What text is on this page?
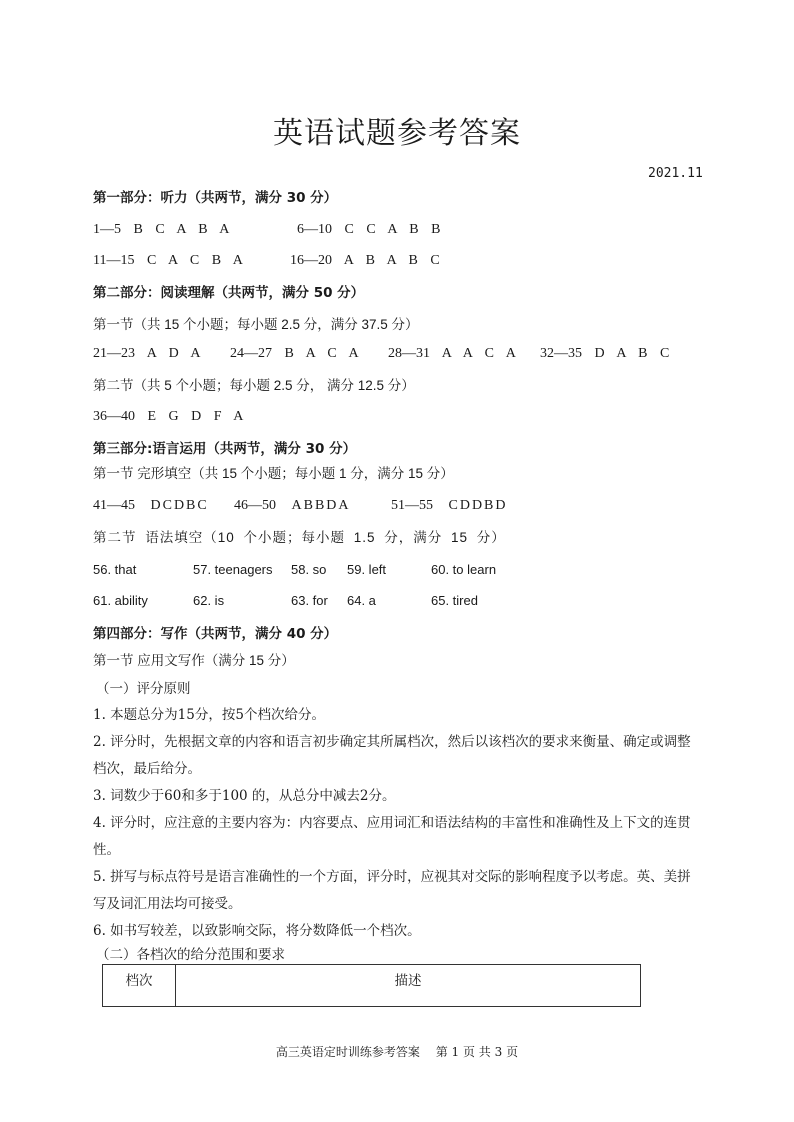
英语试题参考答案
2021.11
第一部分：听力（共两节，满分 30 分）
1—5 B C A B A	6—10 C C A B B
11—15 C A C B A	16—20 A B A B C
第二部分：阅读理解（共两节，满分 50 分）
第一节（共 15 个小题；每小题 2.5 分，满分 37.5 分）
21—23 A D A 24—27 B A C A 28—31 A A C A 32—35 D A B C
第二节（共 5 个小题；每小题 2.5 分， 满分 12.5 分）
36—40 E G D F A
第三部分:语言运用（共两节，满分 30 分）
第一节 完形填空（共 15 个小题；每小题 1 分，满分 15 分）
41—45 DCDBC 46—50 ABBDA	51—55 CDDBD
第二节 语法填空（10 个小题；每小题 1.5 分，满分 15 分）
56. that	57. teenagers 58. so 59. left	60. to learn
61. ability	62. is	63. for 64. a	65. tired
第四部分：写作（共两节，满分 40 分）
第一节 应用文写作（满分 15 分）
（一）评分原则
1. 本题总分为15分，按5个档次给分。
2. 评分时，先根据文章的内容和语言初步确定其所属档次，然后以该档次的要求来衡量、确定或调整档次，最后给分。
3. 词数少于60和多于100 的，从总分中减去2分。
4. 评分时，应注意的主要内容为：内容要点、应用词汇和语法结构的丰富性和准确性及上下文的连贯性。
5. 拼写与标点符号是语言准确性的一个方面，评分时，应视其对交际的影响程度予以考虑。英、美拼写及词汇用法均可接受。
6. 如书写较差，以致影响交际，将分数降低一个档次。
（二）各档次的给分范围和要求
档次	描述
高三英语定时训练参考答案　 第 1 页 共 3 页
